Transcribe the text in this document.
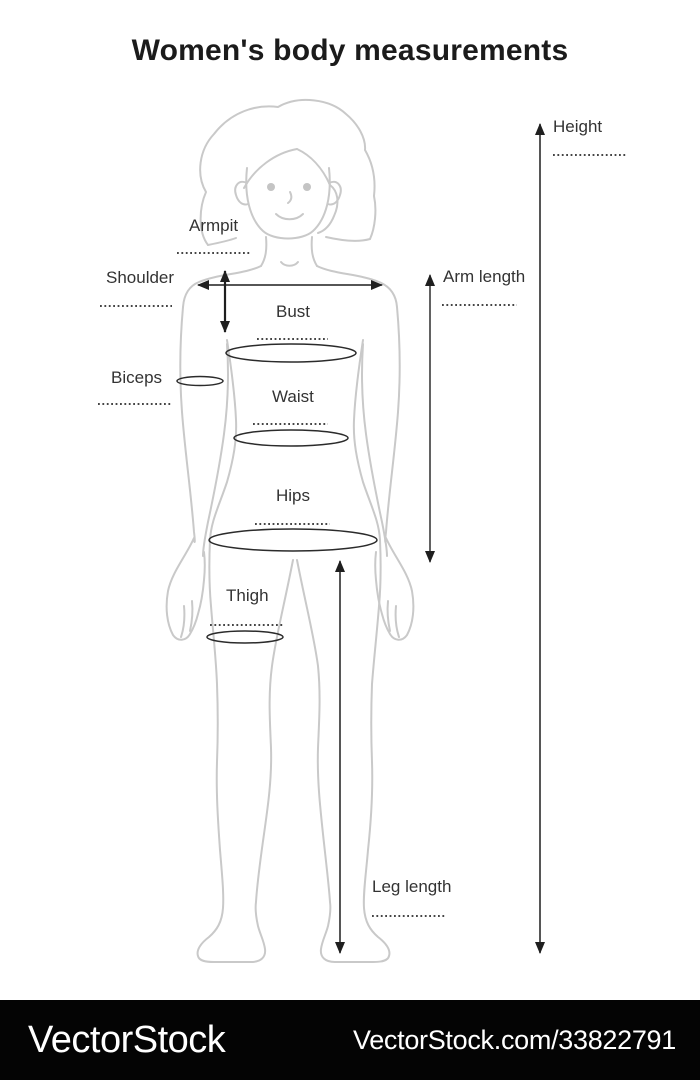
Women's body measurements
Armpit
Shoulder
Bust
Biceps
Waist
Hips
Thigh
Arm length
Height
Leg length
VectorStock	VectorStock.com/33822791
